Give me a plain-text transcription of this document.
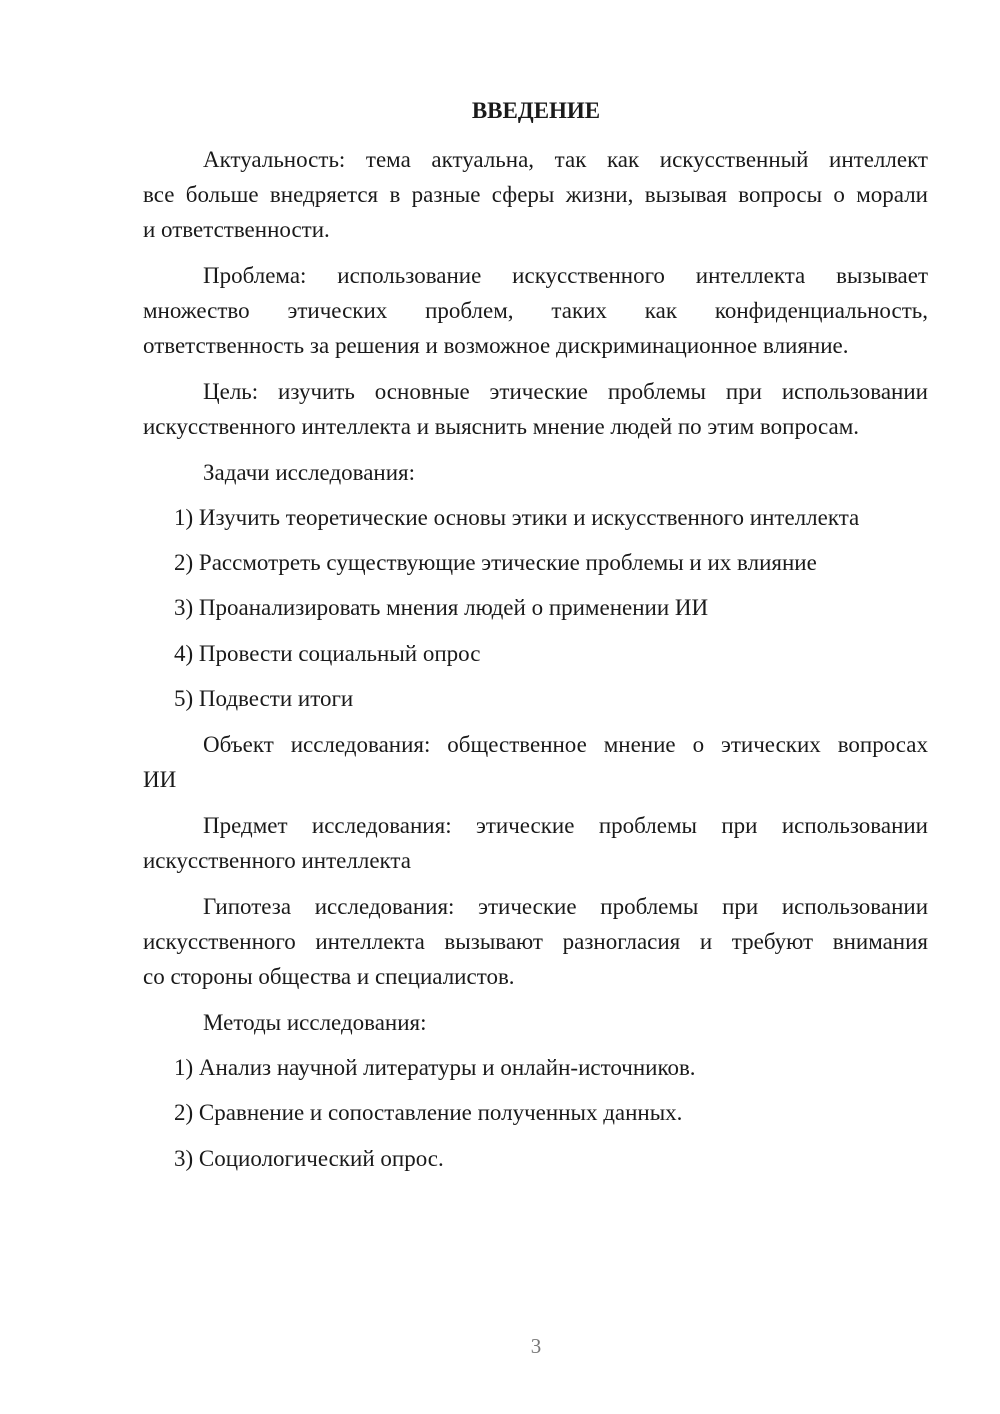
ВВЕДЕНИЕ
Актуальность: тема актуальна, так как искусственный интеллект
все больше внедряется в разные сферы жизни, вызывая вопросы о морали
и ответственности.
Проблема: использование искусственного интеллекта вызывает
множество этических проблем, таких как конфиденциальность,
ответственность за решения и возможное дискриминационное влияние.
Цель: изучить основные этические проблемы при использовании
искусственного интеллекта и выяснить мнение людей по этим вопросам.
Задачи исследования:
1) Изучить теоретические основы этики и искусственного интеллекта
2) Рассмотреть существующие этические проблемы и их влияние
3) Проанализировать мнения людей о применении ИИ
4) Провести социальный опрос
5) Подвести итоги
Объект исследования: общественное мнение о этических вопросах
ИИ
Предмет исследования: этические проблемы при использовании
искусственного интеллекта
Гипотеза исследования: этические проблемы при использовании
искусственного интеллекта вызывают разногласия и требуют внимания
со стороны общества и специалистов.
Методы исследования:
1) Анализ научной литературы и онлайн-источников.
2) Сравнение и сопоставление полученных данных.
3) Социологический опрос.
3
